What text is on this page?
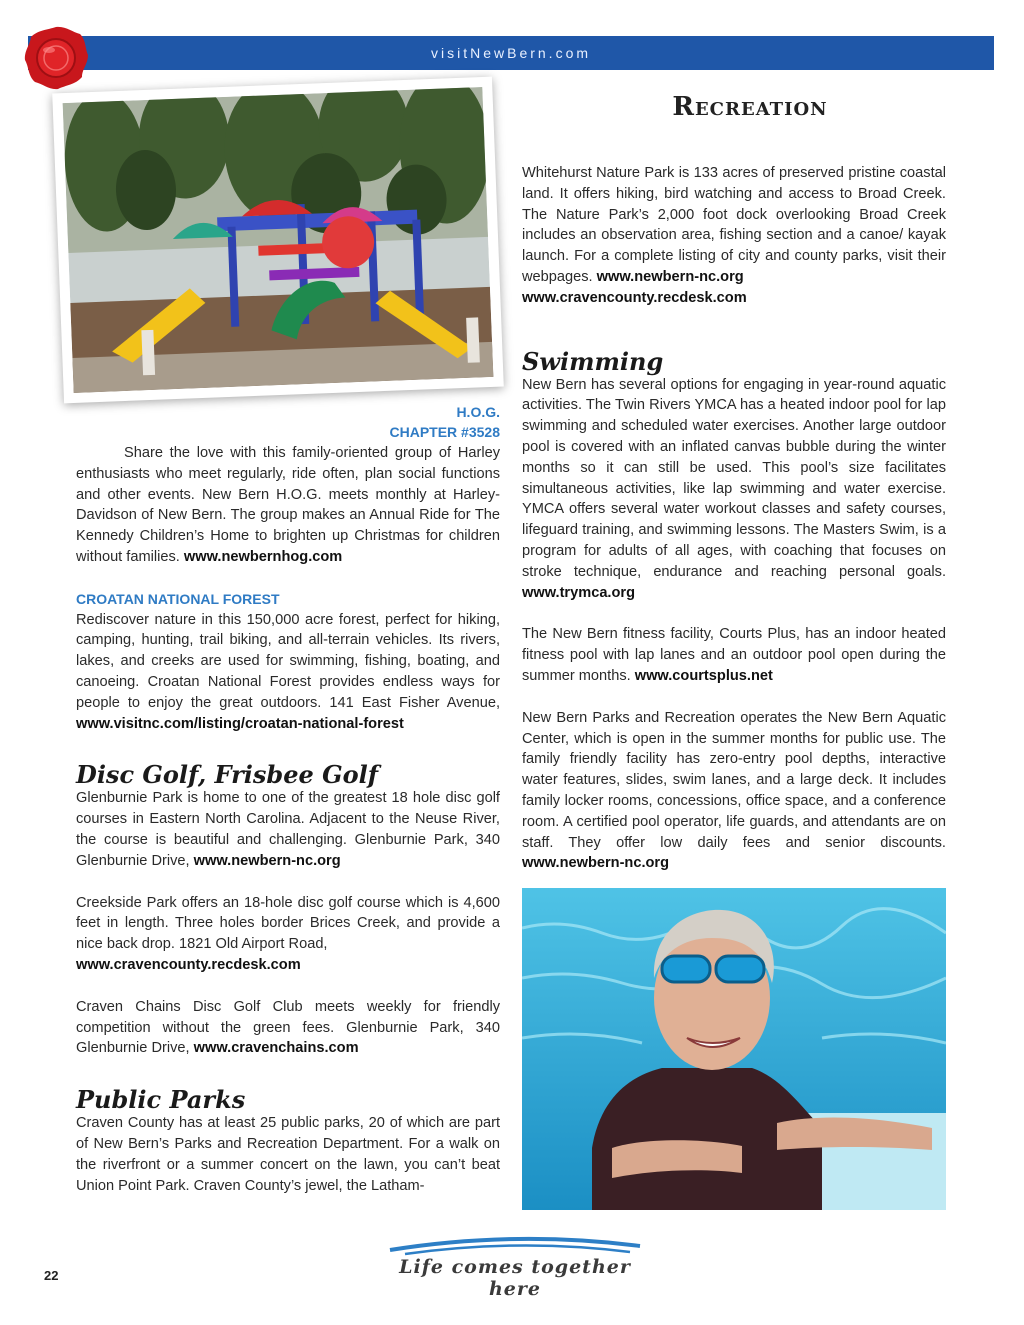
visitNewBern.com
Recreation
H.O.G.
CHAPTER #3528

Share the love with this family-oriented group of Harley enthusiasts who meet regularly, ride often, plan social functions and other events. New Bern H.O.G. meets monthly at Harley-Davidson of New Bern. The group makes an Annual Ride for The Kennedy Children’s Home to brighten up Christmas for children without families. www.newbernhog.com

CROATAN NATIONAL FOREST

Rediscover nature in this 150,000 acre forest, perfect for hiking, camping, hunting, trail biking, and all-terrain vehicles. Its rivers, lakes, and creeks are used for swimming, fishing, boating, and canoeing. Croatan National Forest provides endless ways for people to enjoy the great outdoors. 141 East Fisher Avenue, www.visitnc.com/listing/croatan-national-forest

Disc Golf, Frisbee Golf

Glenburnie Park is home to one of the greatest 18 hole disc golf courses in Eastern North Carolina. Adjacent to the Neuse River, the course is beautiful and challenging. Glenburnie Park, 340 Glenburnie Drive, www.newbern-nc.org

Creekside Park offers an 18-hole disc golf course which is 4,600 feet in length. Three holes border Brices Creek, and provide a nice back drop. 1821 Old Airport Road,
www.cravencounty.recdesk.com

Craven Chains Disc Golf Club meets weekly for friendly competition without the green fees. Glenburnie Park, 340 Glenburnie Drive, www.cravenchains.com

Public Parks

Craven County has at least 25 public parks, 20 of which are part of New Bern’s Parks and Recreation Department. For a walk on the riverfront or a summer concert on the lawn, you can’t beat Union Point Park. Craven County’s jewel, the Latham-

Whitehurst Nature Park is 133 acres of preserved pristine coastal land. It offers hiking, bird watching and access to Broad Creek. The Nature Park’s 2,000 foot dock overlooking Broad Creek includes an observation area, fishing section and a canoe/ kayak launch. For a complete listing of city and county parks, visit their webpages. www.newbern-nc.org
www.cravencounty.recdesk.com

Swimming

New Bern has several options for engaging in year-round aquatic activities. The Twin Rivers YMCA has a heated indoor pool for lap swimming and scheduled water exercises. Another large outdoor pool is covered with an inflated canvas bubble during the winter months so it can still be used. This pool’s size facilitates simultaneous activities, like lap swimming and water exercise. YMCA offers several water workout classes and safety courses, lifeguard training, and swimming lessons. The Masters Swim, is a program for adults of all ages, with coaching that focuses on stroke technique, endurance and reaching personal goals. www.trymca.org

The New Bern fitness facility, Courts Plus, has an indoor heated fitness pool with lap lanes and an outdoor pool open during the summer months. www.courtsplus.net

New Bern Parks and Recreation operates the New Bern Aquatic Center, which is open in the summer months for public use. The family friendly facility has zero-entry pool depths, interactive water features, slides, swim lanes, and a large deck. It includes family locker rooms, concessions, office space, and a conference room. A certified pool operator, life guards, and attendants are on staff. They offer low daily fees and senior discounts. www.newbern-nc.org

22	Life comes together here
